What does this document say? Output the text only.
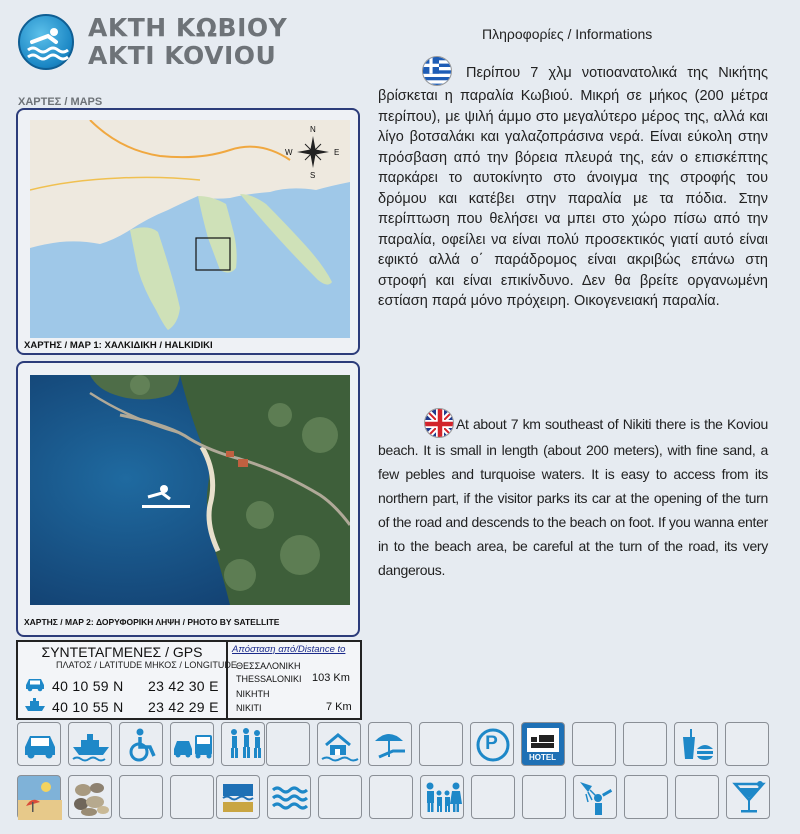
ΑΚΤΗ ΚΩΒΙΟΥ
AKTI KOVIOU
Πληροφορίες / Informations
ΧΑΡΤΕΣ / MAPS
N
S
E
W
ΧΑΡΤΗΣ / MAP 1: ΧΑΛΚΙΔΙΚΗ / HALKIDIKI
ΧΑΡΤΗΣ / MAP 2: ΔΟΡΥΦΟΡΙΚΗ ΛΗΨΗ / PHOTO BY SATELLITE
Περίπου 7 χλμ νοτιοανατολικά της Νικήτης βρίσκεται η παραλία Κωβιού. Μικρή σε μήκος (200 μέτρα περίπου), με ψιλή άμμο στο μεγαλύτερο μέρος της, αλλά και λίγο βοτσαλάκι και γαλαζοπράσινα νερά. Είναι εύκολη στην πρόσβαση από την βόρεια πλευρά της, εάν ο επισκέπτης παρκάρει το αυτοκίνητο στο άνοιγμα της στροφής του δρόμου και κατέβει στην παραλία με τα πόδια. Στην περίπτωση που θελήσει να μπει στο χώρο πίσω από την παραλία, οφείλει να είναι πολύ προσεκτικός γιατί αυτό είναι εφικτό αλλά ο΄ παράδρομος είναι ακριβώς επάνω στη στροφή και είναι επικίνδυνο. Δεν θα βρείτε οργανωμένη εστίαση παρά μόνο πρόχειρη. Οικογενειακή παραλία.
At about 7 km southeast of Nikiti there is the Koviou beach. It is small in length (about 200 meters), with fine sand, a few pebles and turquoise waters. It is easy to access from its northern part, if the visitor parks its car at the opening of the turn of the road and descends to the beach on foot. If you wanna enter in to the beach area, be careful at the turn of the road, its very dangerous.
ΣΥΝΤΕΤΑΓΜΕΝΕΣ / GPS
ΠΛΑΤΟΣ / LATITUDE ΜΗΚΟΣ / LONGITUDE
40 10 59 N 23 42 30 E
40 10 55 N 23 42 29 E
Απόσταση από/Distance to
ΘΕΣΣΑΛΟΝΙΚΗ
THESSALONIKI 103 Km
ΝΙΚΗΤΗ
NIKITI	7 Km
P
HOTEL
